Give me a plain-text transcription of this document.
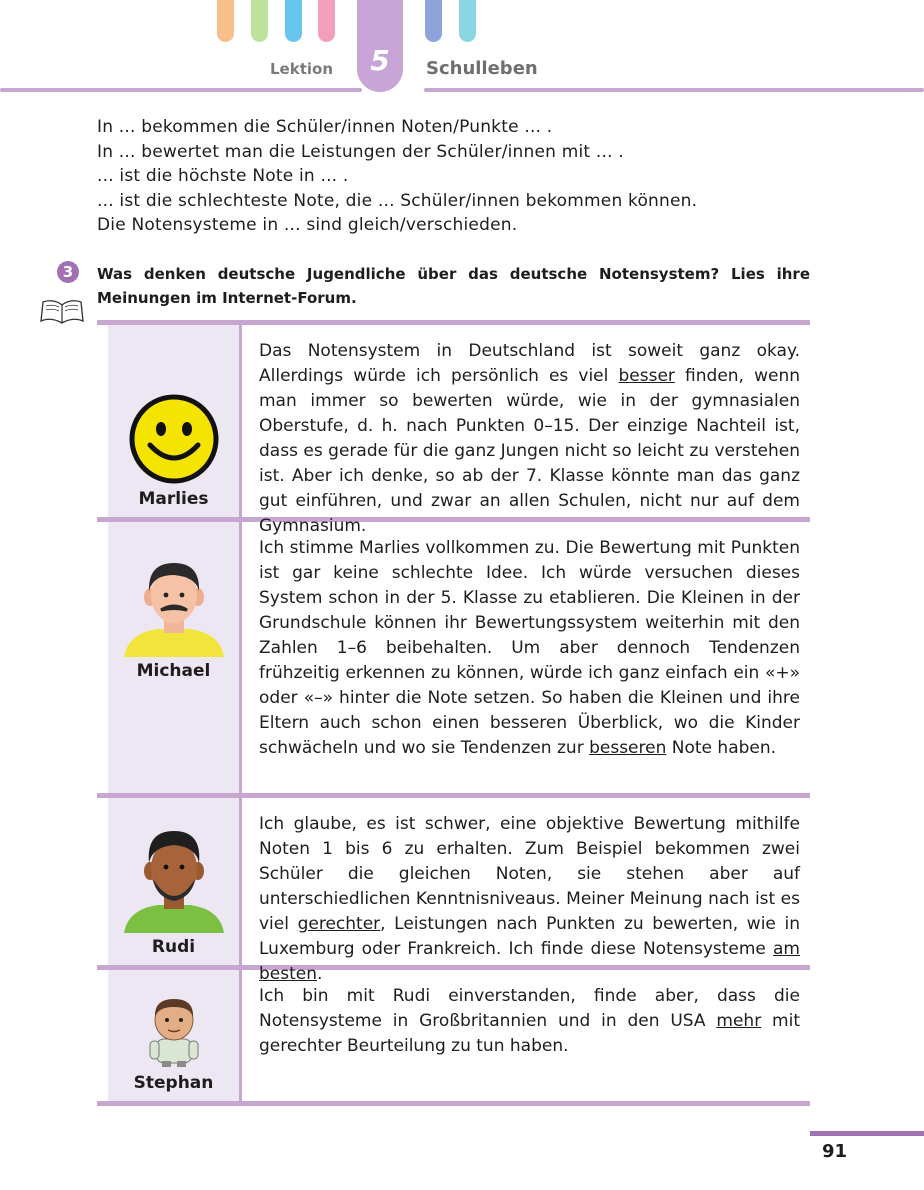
5
Lektion	Schulleben
In ... bekommen die Schüler/innen Noten/Punkte ... .
In ... bewertet man die Leistungen der Schüler/innen mit ... .
... ist die höchste Note in ... .
... ist die schlechteste Note, die ... Schüler/innen bekommen können.
Die Notensysteme in ... sind gleich/verschieden.
3	Was denken deutsche Jugendliche über das deutsche Notensystem? Lies ihre Meinungen im Internet-Forum.
Marlies
Das Notensystem in Deutschland ist soweit ganz okay. Allerdings würde ich persönlich es viel besser finden, wenn man immer so bewerten würde, wie in der gymnasialen Oberstufe, d. h. nach Punkten 0–15. Der einzige Nachteil ist, dass es gerade für die ganz Jungen nicht so leicht zu verstehen ist. Aber ich denke, so ab der 7. Klasse könnte man das ganz gut einführen, und zwar an allen Schulen, nicht nur auf dem Gymnasium.
Michael
Ich stimme Marlies vollkommen zu. Die Bewertung mit Punkten ist gar keine schlechte Idee. Ich würde versuchen dieses System schon in der 5. Klasse zu etablieren. Die Kleinen in der Grundschule können ihr Bewertungssystem weiterhin mit den Zahlen 1–6 beibehalten. Um aber dennoch Tendenzen frühzeitig erkennen zu können, würde ich ganz einfach ein «+» oder «–» hinter die Note setzen. So haben die Kleinen und ihre Eltern auch schon einen besseren Überblick, wo die Kinder schwächeln und wo sie Tendenzen zur besseren Note haben.
Rudi
Ich glaube, es ist schwer, eine objektive Bewertung mithilfe Noten 1 bis 6 zu erhalten. Zum Beispiel bekommen zwei Schüler die gleichen Noten, sie stehen aber auf unterschiedlichen Kenntnisniveaus. Meiner Meinung nach ist es viel gerechter, Leistungen nach Punkten zu bewerten, wie in Luxemburg oder Frankreich. Ich finde diese Notensysteme am besten.
Stephan
Ich bin mit Rudi einverstanden, finde aber, dass die Notensysteme in Großbritannien und in den USA mehr mit gerechter Beurteilung zu tun haben.
91
